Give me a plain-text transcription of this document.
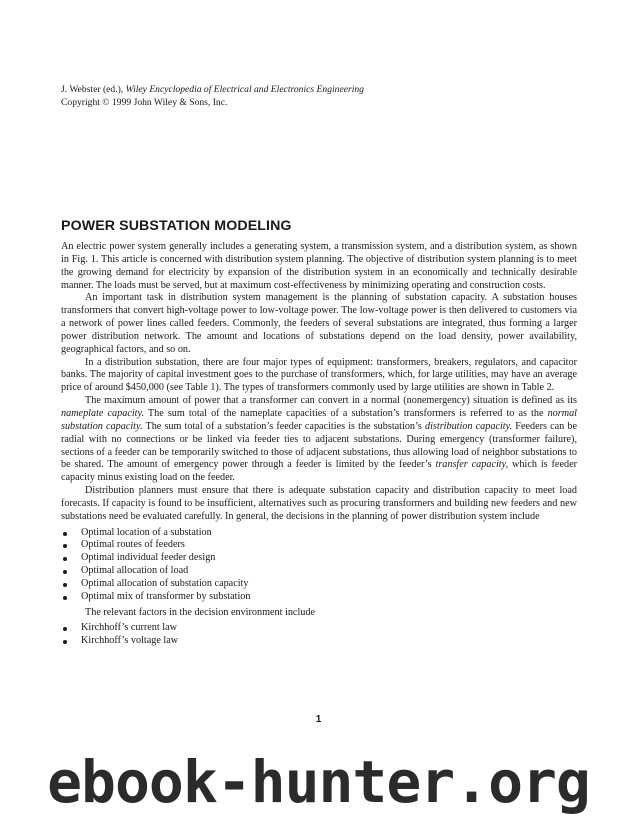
J. Webster (ed.), Wiley Encyclopedia of Electrical and Electronics Engineering
Copyright © 1999 John Wiley & Sons, Inc.
POWER SUBSTATION MODELING

An electric power system generally includes a generating system, a transmission system, and a distribution system, as shown in Fig. 1. This article is concerned with distribution system planning. The objective of distribution system planning is to meet the growing demand for electricity by expansion of the distribution system in an economically and technically desirable manner. The loads must be served, but at maximum cost-effectiveness by minimizing operating and construction costs.

An important task in distribution system management is the planning of substation capacity. A substation houses transformers that convert high-voltage power to low-voltage power. The low-voltage power is then delivered to customers via a network of power lines called feeders. Commonly, the feeders of several substations are integrated, thus forming a larger power distribution network. The amount and locations of substations depend on the load density, power availability, geographical factors, and so on.

In a distribution substation, there are four major types of equipment: transformers, breakers, regulators, and capacitor banks. The majority of capital investment goes to the purchase of transformers, which, for large utilities, may have an average price of around $450,000 (see Table 1). The types of transformers commonly used by large utilities are shown in Table 2.

The maximum amount of power that a transformer can convert in a normal (nonemergency) situation is defined as its nameplate capacity. The sum total of the nameplate capacities of a substation’s transformers is referred to as the normal substation capacity. The sum total of a substation’s feeder capacities is the substation’s distribution capacity. Feeders can be radial with no connections or be linked via feeder ties to adjacent substations. During emergency (transformer failure), sections of a feeder can be temporarily switched to those of adjacent substations, thus allowing load of neighbor substations to be shared. The amount of emergency power through a feeder is limited by the feeder’s transfer capacity, which is feeder capacity minus existing load on the feeder.

Distribution planners must ensure that there is adequate substation capacity and distribution capacity to meet load forecasts. If capacity is found to be insufficient, alternatives such as procuring transformers and building new feeders and new substations need be evaluated carefully. In general, the decisions in the planning of power distribution system include

Optimal location of a substation
Optimal routes of feeders
Optimal individual feeder design
Optimal allocation of load
Optimal allocation of substation capacity
Optimal mix of transformer by substation

The relevant factors in the decision environment include

Kirchhoff’s current law
Kirchhoff’s voltage law
1
ebook-hunter.org
